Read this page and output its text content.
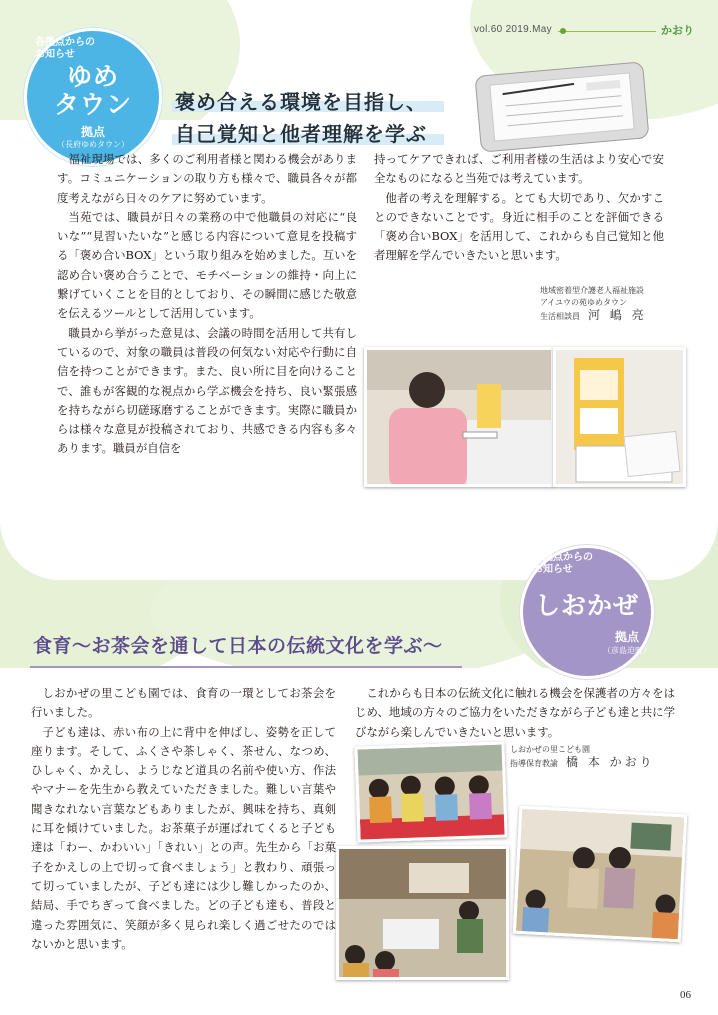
vol.60 2019.May	かおり
各拠点からの
お知らせ
ゆめ
タウン
拠点
（長府ゆめタウン）
褒め合える環境を目指し、
自己覚知と他者理解を学ぶ

福祉現場では、多くのご利用者様と関わる機会があります。コミュニケーションの取り方も様々で、職員各々が都度考えながら日々のケアに努めています。

当苑では、職員が日々の業務の中で他職員の対応に“良いな”“見習いたいな”と感じる内容について意見を投稿する「褒め合いBOX」という取り組みを始めました。互いを認め合い褒め合うことで、モチベーションの維持・向上に繋げていくことを目的としており、その瞬間に感じた敬意を伝えるツールとして活用しています。

職員から挙がった意見は、会議の時間を活用して共有しているので、対象の職員は普段の何気ない対応や行動に自信を持つことができます。また、良い所に目を向けることで、誰もが客観的な視点から学ぶ機会を持ち、良い緊張感を持ちながら切磋琢磨することができます。実際に職員からは様々な意見が投稿されており、共感できる内容も多々あります。職員が自信を

持ってケアできれば、ご利用者様の生活はより安心で安全なものになると当苑では考えています。

他者の考えを理解する。とても大切であり、欠かすことのできないことです。身近に相手のことを評価できる「褒め合いBOX」を活用して、これからも自己覚知と他者理解を学んでいきたいと思います。

地域密着型介護老人福祉施設
アイユウの苑ゆめタウン
生活相談員　 河 嶋 亮
各拠点からの
お知らせ
しおかぜ
拠点
（彦島迫町）
食育〜お茶会を通して日本の伝統文化を学ぶ〜

しおかぜの里こども園では、食育の一環としてお茶会を行いました。

子ども達は、赤い布の上に背中を伸ばし、姿勢を正して座ります。そして、ふくさや茶しゃく、茶せん、なつめ、ひしゃく、かえし、ようじなど道具の名前や使い方、作法やマナーを先生から教えていただきました。難しい言葉や聞きなれない言葉などもありましたが、興味を持ち、真剣に耳を傾けていました。お茶菓子が運ばれてくると子ども達は「わー、かわいい」「きれい」との声。先生から「お菓子をかえしの上で切って食べましょう」と教わり、頑張って切っていましたが、子ども達には少し難しかったのか、結局、手でちぎって食べました。どの子ども達も、普段と違った雰囲気に、笑顔が多く見られ楽しく過ごせたのではないかと思います。

これからも日本の伝統文化に触れる機会を保護者の方々をはじめ、地域の方々のご協力をいただきながら子ども達と共に学びながら楽しんでいきたいと思います。

しおかぜの里こども園
指導保育教諭　 橋 本 かおり
06
